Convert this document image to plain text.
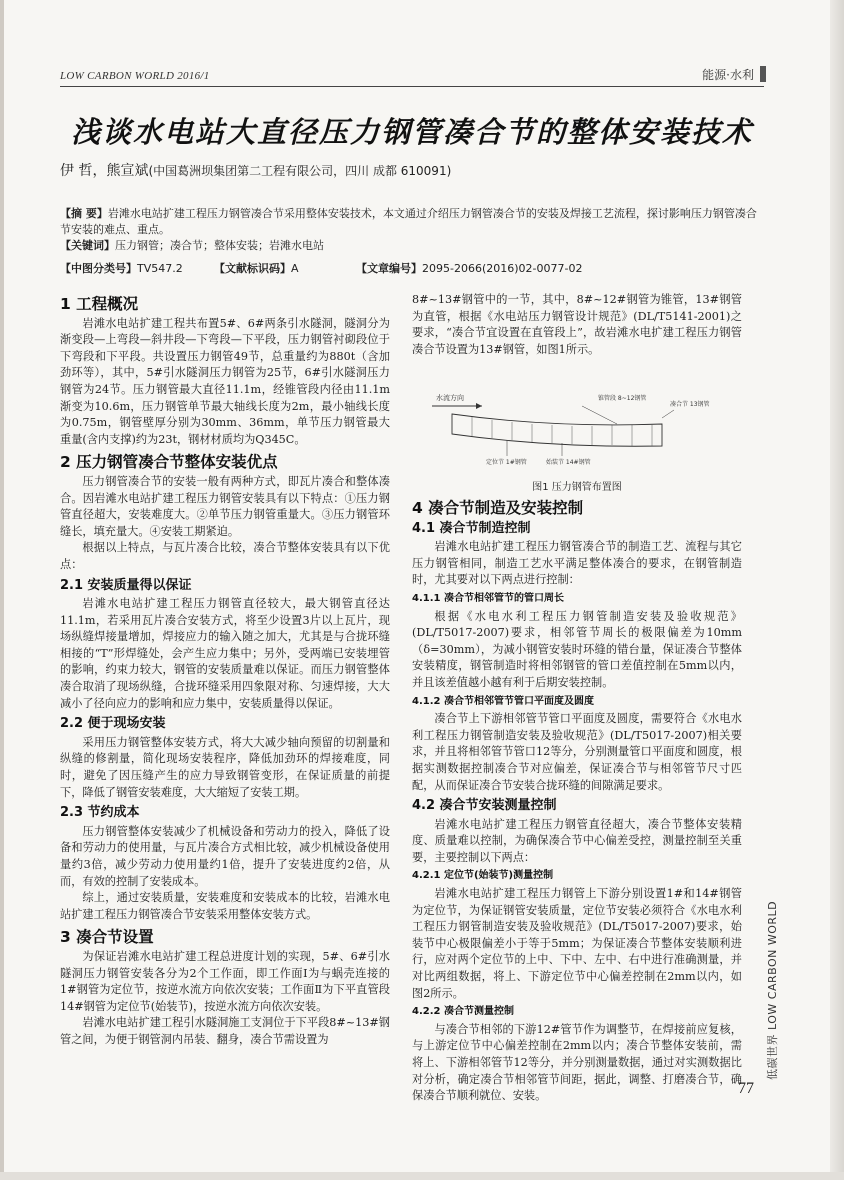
LOW CARBON WORLD 2016/1	能源·水利
浅谈水电站大直径压力钢管凑合节的整体安装技术
伊 哲，熊宣斌(中国葛洲坝集团第二工程有限公司，四川 成都 610091)
【摘 要】岩滩水电站扩建工程压力钢管凑合节采用整体安装技术，本文通过介绍压力钢管凑合节的安装及焊接工艺流程，探讨影响压力钢管凑合节安装的难点、重点。
【关键词】压力钢管；凑合节；整体安装；岩滩水电站
【中图分类号】TV547.2	【文献标识码】A	【文章编号】2095-2066(2016)02-0077-02
1 工程概况

岩滩水电站扩建工程共布置5#、6#两条引水隧洞，隧洞分为渐变段—上弯段—斜井段—下弯段—下平段，压力钢管衬砌段位于下弯段和下平段。共设置压力钢管49节，总重量约为880t（含加劲环等），其中，5#引水隧洞压力钢管为25节，6#引水隧洞压力钢管为24节。压力钢管最大直径11.1m，经锥管段内径由11.1m渐变为10.6m，压力钢管单节最大轴线长度为2m，最小轴线长度为0.75m，钢管壁厚分别为30mm、36mm，单节压力钢管最大重量(含内支撑)约为23t，钢材材质均为Q345C。

2 压力钢管凑合节整体安装优点

压力钢管凑合节的安装一般有两种方式，即瓦片凑合和整体凑合。因岩滩水电站扩建工程压力钢管安装具有以下特点：①压力钢管直径超大，安装难度大。②单节压力钢管重量大。③压力钢管环缝长，填充量大。④安装工期紧迫。

根据以上特点，与瓦片凑合比较，凑合节整体安装具有以下优点：

2.1 安装质量得以保证

岩滩水电站扩建工程压力钢管直径较大，最大钢管直径达11.1m，若采用瓦片凑合安装方式，将至少设置3片以上瓦片，现场纵缝焊接量增加，焊接应力的输入随之加大，尤其是与合拢环缝相接的“T”形焊缝处，会产生应力集中；另外，受两端已安装埋管的影响，约束力较大，钢管的安装质量难以保证。而压力钢管整体凑合取消了现场纵缝，合拢环缝采用四象限对称、匀速焊接，大大减小了径向应力的影响和应力集中，安装质量得以保证。

2.2 便于现场安装

采用压力钢管整体安装方式，将大大减少轴向预留的切割量和纵缝的修割量，简化现场安装程序，降低加劲环的焊接难度，同时，避免了因压缝产生的应力导致钢管变形，在保证质量的前提下，降低了钢管安装难度，大大缩短了安装工期。

2.3 节约成本

压力钢管整体安装减少了机械设备和劳动力的投入，降低了设备和劳动力的使用量，与瓦片凑合方式相比较，减少机械设备使用量约3倍，减少劳动力使用量约1倍，提升了安装进度约2倍，从而，有效的控制了安装成本。

综上，通过安装质量，安装难度和安装成本的比较，岩滩水电站扩建工程压力钢管凑合节安装采用整体安装方式。

3 凑合节设置

为保证岩滩水电站扩建工程总进度计划的实现，5#、6#引水隧洞压力钢管安装各分为2个工作面，即工作面Ⅰ为与蜗壳连接的1#钢管为定位节，按逆水流方向依次安装；工作面Ⅱ为下平直管段14#钢管为定位节(始装节)，按逆水流方向依次安装。

岩滩水电站扩建工程引水隧洞施工支洞位于下平段8#~13#钢管之间，为便于钢管洞内吊装、翻身，凑合节需设置为

8#~13#钢管中的一节，其中，8#~12#钢管为锥管，13#钢管为直管，根据《水电站压力钢管设计规范》(DL/T5141-2001)之要求，“凑合节宜设置在直管段上”，故岩滩水电扩建工程压力钢管凑合节设置为13#钢管，如图1所示。

水流方向	锥管段 8~12钢管
凑合节 13钢管
定位节 1#钢管	始装节 14#钢管
图1 压力钢管布置图
4 凑合节制造及安装控制
4.1 凑合节制造控制

岩滩水电站扩建工程压力钢管凑合节的制造工艺、流程与其它压力钢管相同，制造工艺水平满足整体凑合的要求，在钢管制造时，尤其要对以下两点进行控制：

4.1.1 凑合节相邻管节的管口周长

根据《水电水利工程压力钢管制造安装及验收规范》(DL/T5017-2007)要求，相邻管节周长的极限偏差为10mm（δ=30mm），为减小钢管安装时环缝的错台量，保证凑合节整体安装精度，钢管制造时将相邻钢管的管口差值控制在5mm以内，并且该差值越小越有利于后期安装控制。

4.1.2 凑合节相邻管节管口平面度及圆度

凑合节上下游相邻管节管口平面度及圆度，需要符合《水电水利工程压力钢管制造安装及验收规范》(DL/T5017-2007)相关要求，并且将相邻管节管口12等分，分别测量管口平面度和圆度，根据实测数据控制凑合节对应偏差，保证凑合节与相邻管节尺寸匹配，从而保证凑合节安装合拢环缝的间隙满足要求。

4.2 凑合节安装测量控制

岩滩水电站扩建工程压力钢管直径超大，凑合节整体安装精度、质量难以控制，为确保凑合节中心偏差受控，测量控制至关重要，主要控制以下两点：

4.2.1 定位节(始装节)测量控制

岩滩水电站扩建工程压力钢管上下游分别设置1#和14#钢管为定位节，为保证钢管安装质量，定位节安装必须符合《水电水利工程压力钢管制造安装及验收规范》(DL/T5017-2007)要求，始装节中心极限偏差小于等于5mm；为保证凑合节整体安装顺利进行，应对两个定位节的上中、下中、左中、右中进行准确测量，并对比两组数据，将上、下游定位节中心偏差控制在2mm以内，如图2所示。

4.2.2 凑合节测量控制

与凑合节相邻的下游12#管节作为调整节，在焊接前应复核，与上游定位节中心偏差控制在2mm以内；凑合节整体安装前，需将上、下游相邻管节12等分，并分别测量数据，通过对实测数据比对分析，确定凑合节相邻管节间距，据此，调整、打磨凑合节，确保凑合节顺利就位、安装。

低碳世界 LOW CARBON WORLD
77
